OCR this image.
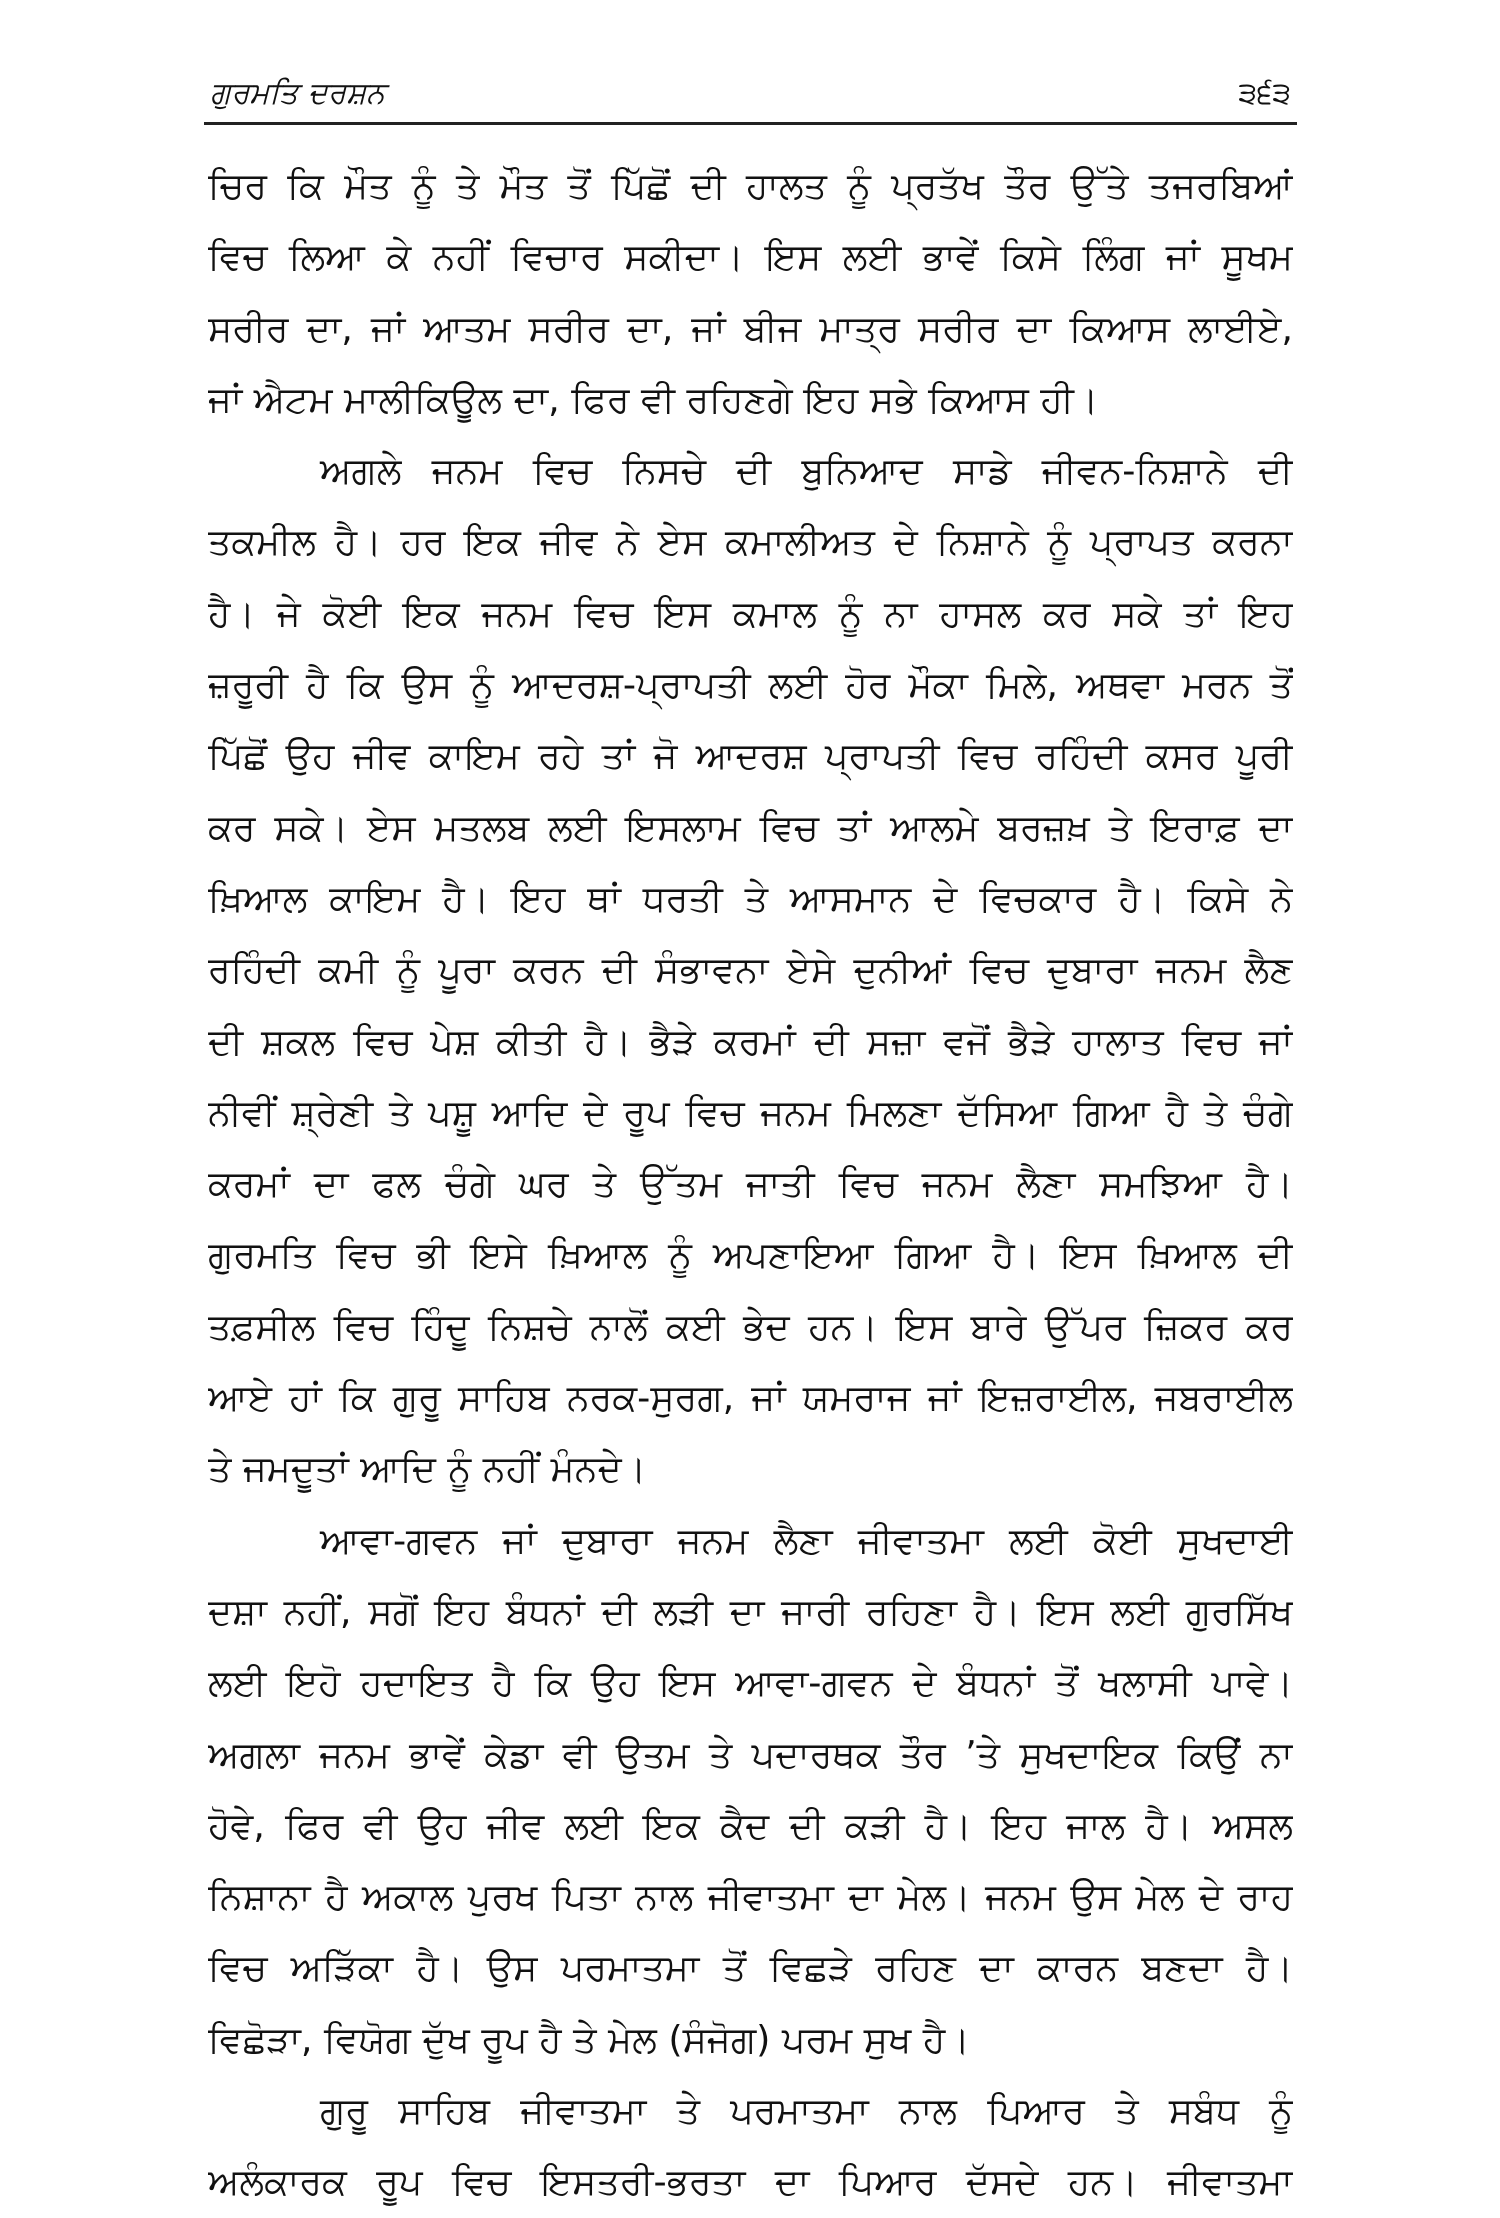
ਗੁਰਮਤਿ ਦਰਸ਼ਨ	੩੬੩
ਚਿਰ ਕਿ ਮੌਤ ਨੂੰ ਤੇ ਮੌਤ ਤੋਂ ਪਿੱਛੋਂ ਦੀ ਹਾਲਤ ਨੂੰ ਪ੍ਰਤੱਖ ਤੌਰ ਉੱਤੇ ਤਜਰਬਿਆਂ
ਵਿਚ ਲਿਆ ਕੇ ਨਹੀਂ ਵਿਚਾਰ ਸਕੀਦਾ। ਇਸ ਲਈ ਭਾਵੇਂ ਕਿਸੇ ਲਿੰਗ ਜਾਂ ਸੂਖਮ
ਸਰੀਰ ਦਾ, ਜਾਂ ਆਤਮ ਸਰੀਰ ਦਾ, ਜਾਂ ਬੀਜ ਮਾਤ੍ਰ ਸਰੀਰ ਦਾ ਕਿਆਸ ਲਾਈਏ,
ਜਾਂ ਐਟਮ ਮਾਲੀਕਿਊਲ ਦਾ, ਫਿਰ ਵੀ ਰਹਿਣਗੇ ਇਹ ਸਭੇ ਕਿਆਸ ਹੀ।
ਅਗਲੇ ਜਨਮ ਵਿਚ ਨਿਸਚੇ ਦੀ ਬੁਨਿਆਦ ਸਾਡੇ ਜੀਵਨ-ਨਿਸ਼ਾਨੇ ਦੀ
ਤਕਮੀਲ ਹੈ। ਹਰ ਇਕ ਜੀਵ ਨੇ ਏਸ ਕਮਾਲੀਅਤ ਦੇ ਨਿਸ਼ਾਨੇ ਨੂੰ ਪ੍ਰਾਪਤ ਕਰਨਾ
ਹੈ। ਜੇ ਕੋਈ ਇਕ ਜਨਮ ਵਿਚ ਇਸ ਕਮਾਲ ਨੂੰ ਨਾ ਹਾਸਲ ਕਰ ਸਕੇ ਤਾਂ ਇਹ
ਜ਼ਰੂਰੀ ਹੈ ਕਿ ਉਸ ਨੂੰ ਆਦਰਸ਼-ਪ੍ਰਾਪਤੀ ਲਈ ਹੋਰ ਮੌਕਾ ਮਿਲੇ, ਅਥਵਾ ਮਰਨ ਤੋਂ
ਪਿੱਛੋਂ ਉਹ ਜੀਵ ਕਾਇਮ ਰਹੇ ਤਾਂ ਜੋ ਆਦਰਸ਼ ਪ੍ਰਾਪਤੀ ਵਿਚ ਰਹਿੰਦੀ ਕਸਰ ਪੂਰੀ
ਕਰ ਸਕੇ। ਏਸ ਮਤਲਬ ਲਈ ਇਸਲਾਮ ਵਿਚ ਤਾਂ ਆਲਮੇ ਬਰਜ਼ਖ਼ ਤੇ ਇਰਾਫ਼ ਦਾ
ਖ਼ਿਆਲ ਕਾਇਮ ਹੈ। ਇਹ ਥਾਂ ਧਰਤੀ ਤੇ ਆਸਮਾਨ ਦੇ ਵਿਚਕਾਰ ਹੈ। ਕਿਸੇ ਨੇ
ਰਹਿੰਦੀ ਕਮੀ ਨੂੰ ਪੂਰਾ ਕਰਨ ਦੀ ਸੰਭਾਵਨਾ ਏਸੇ ਦੁਨੀਆਂ ਵਿਚ ਦੁਬਾਰਾ ਜਨਮ ਲੈਣ
ਦੀ ਸ਼ਕਲ ਵਿਚ ਪੇਸ਼ ਕੀਤੀ ਹੈ। ਭੈੜੇ ਕਰਮਾਂ ਦੀ ਸਜ਼ਾ ਵਜੋਂ ਭੈੜੇ ਹਾਲਾਤ ਵਿਚ ਜਾਂ
ਨੀਵੀਂ ਸ਼੍ਰੇਣੀ ਤੇ ਪਸ਼ੂ ਆਦਿ ਦੇ ਰੂਪ ਵਿਚ ਜਨਮ ਮਿਲਣਾ ਦੱਸਿਆ ਗਿਆ ਹੈ ਤੇ ਚੰਗੇ
ਕਰਮਾਂ ਦਾ ਫਲ ਚੰਗੇ ਘਰ ਤੇ ਉੱਤਮ ਜਾਤੀ ਵਿਚ ਜਨਮ ਲੈਣਾ ਸਮਝਿਆ ਹੈ।
ਗੁਰਮਤਿ ਵਿਚ ਭੀ ਇਸੇ ਖ਼ਿਆਲ ਨੂੰ ਅਪਣਾਇਆ ਗਿਆ ਹੈ। ਇਸ ਖ਼ਿਆਲ ਦੀ
ਤਫ਼ਸੀਲ ਵਿਚ ਹਿੰਦੂ ਨਿਸ਼ਚੇ ਨਾਲੋਂ ਕਈ ਭੇਦ ਹਨ। ਇਸ ਬਾਰੇ ਉੱਪਰ ਜ਼ਿਕਰ ਕਰ
ਆਏ ਹਾਂ ਕਿ ਗੁਰੂ ਸਾਹਿਬ ਨਰਕ-ਸੁਰਗ, ਜਾਂ ਯਮਰਾਜ ਜਾਂ ਇਜ਼ਰਾਈਲ, ਜਬਰਾਈਲ
ਤੇ ਜਮਦੂਤਾਂ ਆਦਿ ਨੂੰ ਨਹੀਂ ਮੰਨਦੇ।
ਆਵਾ-ਗਵਨ ਜਾਂ ਦੁਬਾਰਾ ਜਨਮ ਲੈਣਾ ਜੀਵਾਤਮਾ ਲਈ ਕੋਈ ਸੁਖਦਾਈ
ਦਸ਼ਾ ਨਹੀਂ, ਸਗੋਂ ਇਹ ਬੰਧਨਾਂ ਦੀ ਲੜੀ ਦਾ ਜਾਰੀ ਰਹਿਣਾ ਹੈ। ਇਸ ਲਈ ਗੁਰਸਿੱਖ
ਲਈ ਇਹੋ ਹਦਾਇਤ ਹੈ ਕਿ ਉਹ ਇਸ ਆਵਾ-ਗਵਨ ਦੇ ਬੰਧਨਾਂ ਤੋਂ ਖਲਾਸੀ ਪਾਵੇ।
ਅਗਲਾ ਜਨਮ ਭਾਵੇਂ ਕੇਡਾ ਵੀ ਉਤਮ ਤੇ ਪਦਾਰਥਕ ਤੌਰ ’ਤੇ ਸੁਖਦਾਇਕ ਕਿਉਂ ਨਾ
ਹੋਵੇ, ਫਿਰ ਵੀ ਉਹ ਜੀਵ ਲਈ ਇਕ ਕੈਦ ਦੀ ਕੜੀ ਹੈ। ਇਹ ਜਾਲ ਹੈ। ਅਸਲ
ਨਿਸ਼ਾਨਾ ਹੈ ਅਕਾਲ ਪੁਰਖ ਪਿਤਾ ਨਾਲ ਜੀਵਾਤਮਾ ਦਾ ਮੇਲ। ਜਨਮ ਉਸ ਮੇਲ ਦੇ ਰਾਹ
ਵਿਚ ਅੜਿੱਕਾ ਹੈ। ਉਸ ਪਰਮਾਤਮਾ ਤੋਂ ਵਿਛੜੇ ਰਹਿਣ ਦਾ ਕਾਰਨ ਬਣਦਾ ਹੈ।
ਵਿਛੋੜਾ, ਵਿਯੋਗ ਦੁੱਖ ਰੂਪ ਹੈ ਤੇ ਮੇਲ (ਸੰਜੋਗ) ਪਰਮ ਸੁਖ ਹੈ।
ਗੁਰੂ ਸਾਹਿਬ ਜੀਵਾਤਮਾ ਤੇ ਪਰਮਾਤਮਾ ਨਾਲ ਪਿਆਰ ਤੇ ਸਬੰਧ ਨੂੰ
ਅਲੰਕਾਰਕ ਰੂਪ ਵਿਚ ਇਸਤਰੀ-ਭਰਤਾ ਦਾ ਪਿਆਰ ਦੱਸਦੇ ਹਨ। ਜੀਵਾਤਮਾ
